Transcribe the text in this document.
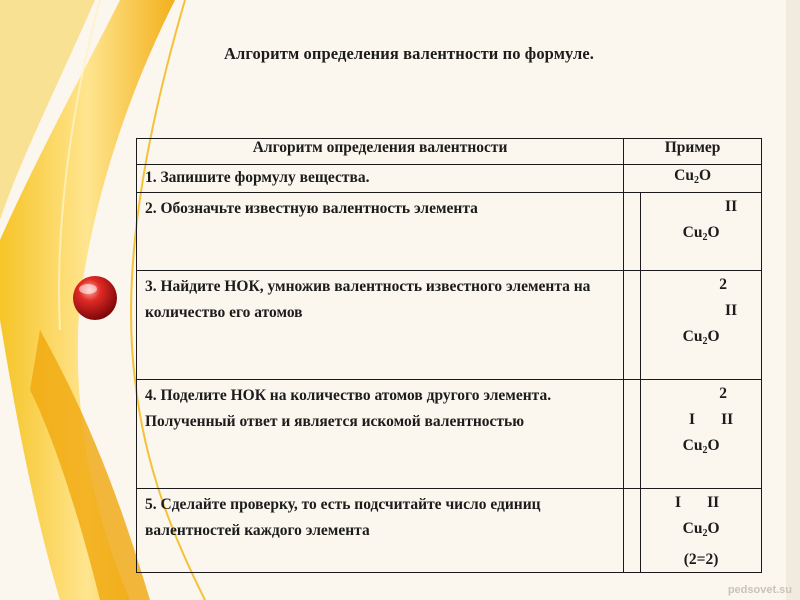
Алгоритм определения валентности по формуле.
Алгоритм определения валентности	Пример
1. Запишите формулу вещества.	$Cu_2O$
2. Обозначьте известную валентность элемента	II
$Cu_2O$

3. Найдите НОК, умножив валентность известного элемента на количество его атомов	2
II
$Cu_2O$

4. Поделите НОК на количество атомов другого элемента. Полученный ответ и является искомой валентностью	2
I II
$Cu_2O$

5. Сделайте проверку, то есть подсчитайте число единиц валентностей каждого элемента	I II
$Cu_2O$
(2=2)
pedsovet.su
